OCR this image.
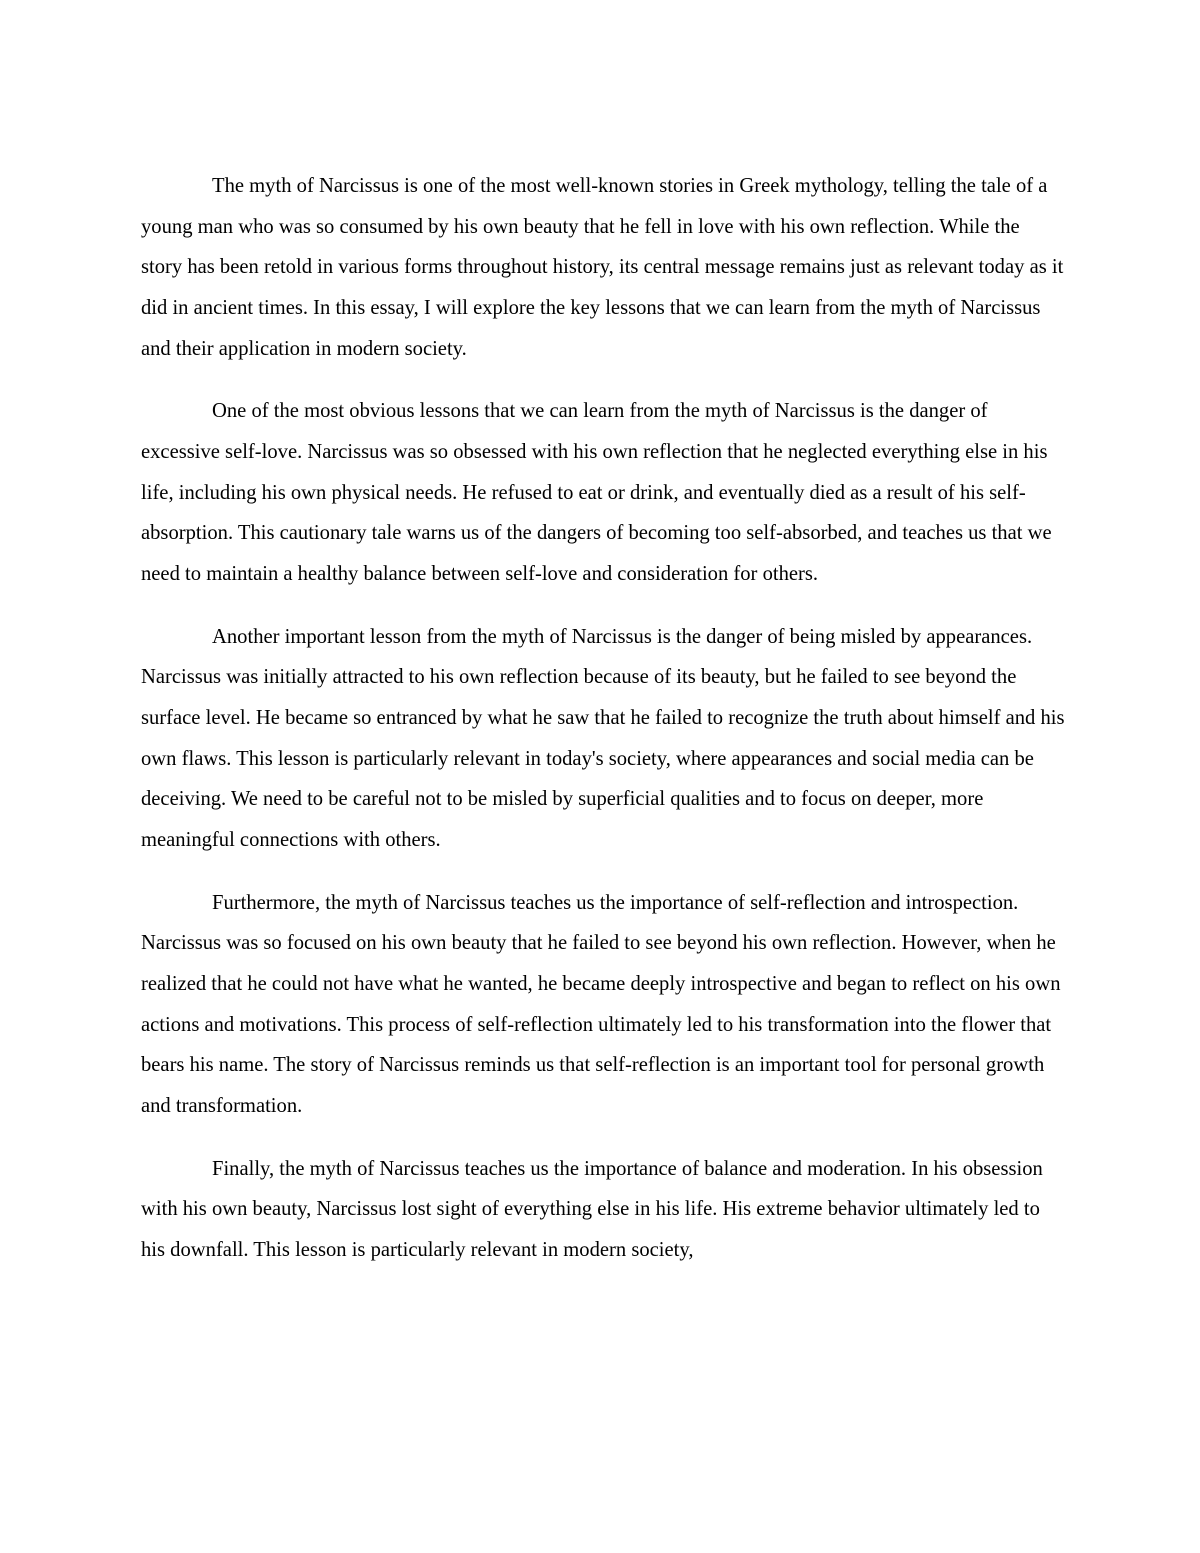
The myth of Narcissus is one of the most well-known stories in Greek mythology, telling the tale of a young man who was so consumed by his own beauty that he fell in love with his own reflection. While the story has been retold in various forms throughout history, its central message remains just as relevant today as it did in ancient times. In this essay, I will explore the key lessons that we can learn from the myth of Narcissus and their application in modern society.

One of the most obvious lessons that we can learn from the myth of Narcissus is the danger of excessive self-love. Narcissus was so obsessed with his own reflection that he neglected everything else in his life, including his own physical needs. He refused to eat or drink, and eventually died as a result of his self-absorption. This cautionary tale warns us of the dangers of becoming too self-absorbed, and teaches us that we need to maintain a healthy balance between self-love and consideration for others.

Another important lesson from the myth of Narcissus is the danger of being misled by appearances. Narcissus was initially attracted to his own reflection because of its beauty, but he failed to see beyond the surface level. He became so entranced by what he saw that he failed to recognize the truth about himself and his own flaws. This lesson is particularly relevant in today's society, where appearances and social media can be deceiving. We need to be careful not to be misled by superficial qualities and to focus on deeper, more meaningful connections with others.

Furthermore, the myth of Narcissus teaches us the importance of self-reflection and introspection. Narcissus was so focused on his own beauty that he failed to see beyond his own reflection. However, when he realized that he could not have what he wanted, he became deeply introspective and began to reflect on his own actions and motivations. This process of self-reflection ultimately led to his transformation into the flower that bears his name. The story of Narcissus reminds us that self-reflection is an important tool for personal growth and transformation.

Finally, the myth of Narcissus teaches us the importance of balance and moderation. In his obsession with his own beauty, Narcissus lost sight of everything else in his life. His extreme behavior ultimately led to his downfall. This lesson is particularly relevant in modern society,
